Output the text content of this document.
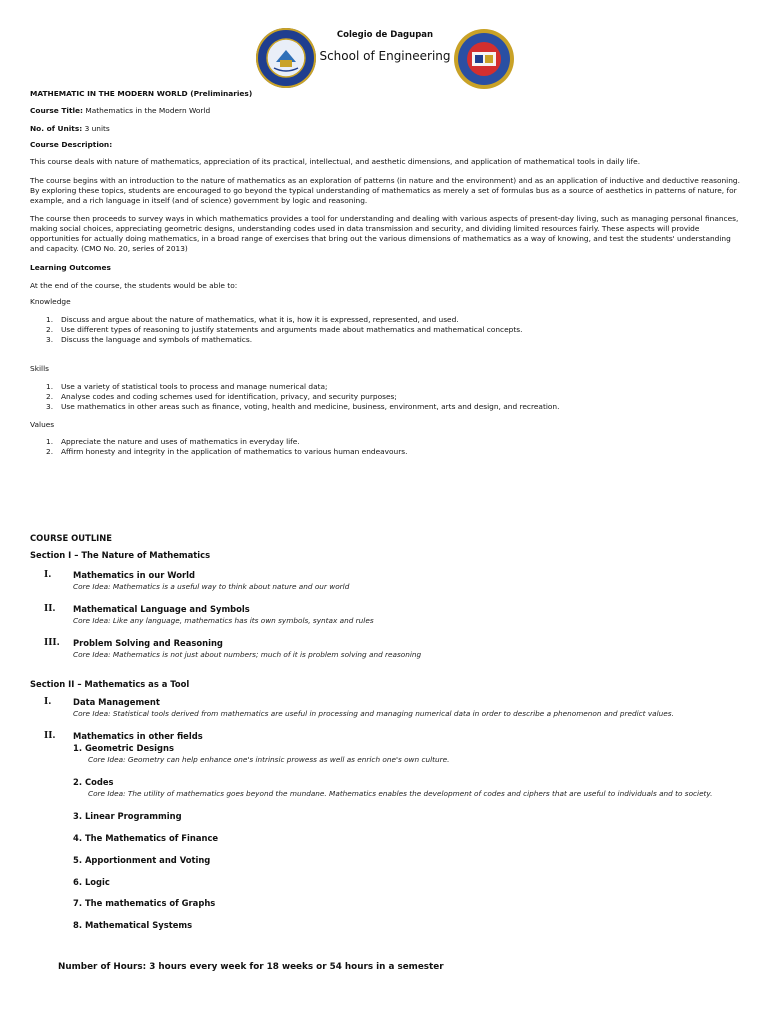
Colegio de Dagupan
School of Engineering
MATHEMATIC IN THE MODERN WORLD (Preliminaries)
Course Title: Mathematics in the Modern World
No. of Units: 3 units
Course Description:

This course deals with nature of mathematics, appreciation of its practical, intellectual, and aesthetic dimensions, and application of mathematical tools in daily life.

The course begins with an introduction to the nature of mathematics as an exploration of patterns (in nature and the environment) and as an application of inductive and deductive reasoning. By exploring these topics, students are encouraged to go beyond the typical understanding of mathematics as merely a set of formulas bus as a source of aesthetics in patterns of nature, for example, and a rich language in itself (and of science) government by logic and reasoning.

The course then proceeds to survey ways in which mathematics provides a tool for understanding and dealing with various aspects of present-day living, such as managing personal finances, making social choices, appreciating geometric designs, understanding codes used in data transmission and security, and dividing limited resources fairly. These aspects will provide opportunities for actually doing mathematics, in a broad range of exercises that bring out the various dimensions of mathematics as a way of knowing, and test the students' understanding and capacity. (CMO No. 20, series of 2013)

Learning Outcomes
At the end of the course, the students would be able to:
Knowledge
1. Discuss and argue about the nature of mathematics, what it is, how it is expressed, represented, and used.
2. Use different types of reasoning to justify statements and arguments made about mathematics and mathematical concepts.
3. Discuss the language and symbols of mathematics.
Skills
1. Use a variety of statistical tools to process and manage numerical data;
2. Analyse codes and coding schemes used for identification, privacy, and security purposes;
3. Use mathematics in other areas such as finance, voting, health and medicine, business, environment, arts and design, and recreation.
Values
1. Appreciate the nature and uses of mathematics in everyday life.
2. Affirm honesty and integrity in the application of mathematics to various human endeavours.
COURSE OUTLINE
Section I – The Nature of Mathematics
I.	Mathematics in our World
Core Idea: Mathematics is a useful way to think about nature and our world
II. Mathematical Language and Symbols
Core Idea: Like any language, mathematics has its own symbols, syntax and rules
III. Problem Solving and Reasoning
Core Idea: Mathematics is not just about numbers; much of it is problem solving and reasoning
Section II – Mathematics as a Tool
I.	Data Management
Core Idea: Statistical tools derived from mathematics are useful in processing and managing numerical data in order to describe a phenomenon and predict values.
II. Mathematics in other fields
1. Geometric Designs
Core Idea: Geometry can help enhance one's intrinsic prowess as well as enrich one's own culture.
2. Codes
Core Idea: The utility of mathematics goes beyond the mundane. Mathematics enables the development of codes and ciphers that are useful to individuals and to society.
3. Linear Programming
4. The Mathematics of Finance
5. Apportionment and Voting
6. Logic
7. The mathematics of Graphs
8. Mathematical Systems
Number of Hours: 3 hours every week for 18 weeks or 54 hours in a semester
